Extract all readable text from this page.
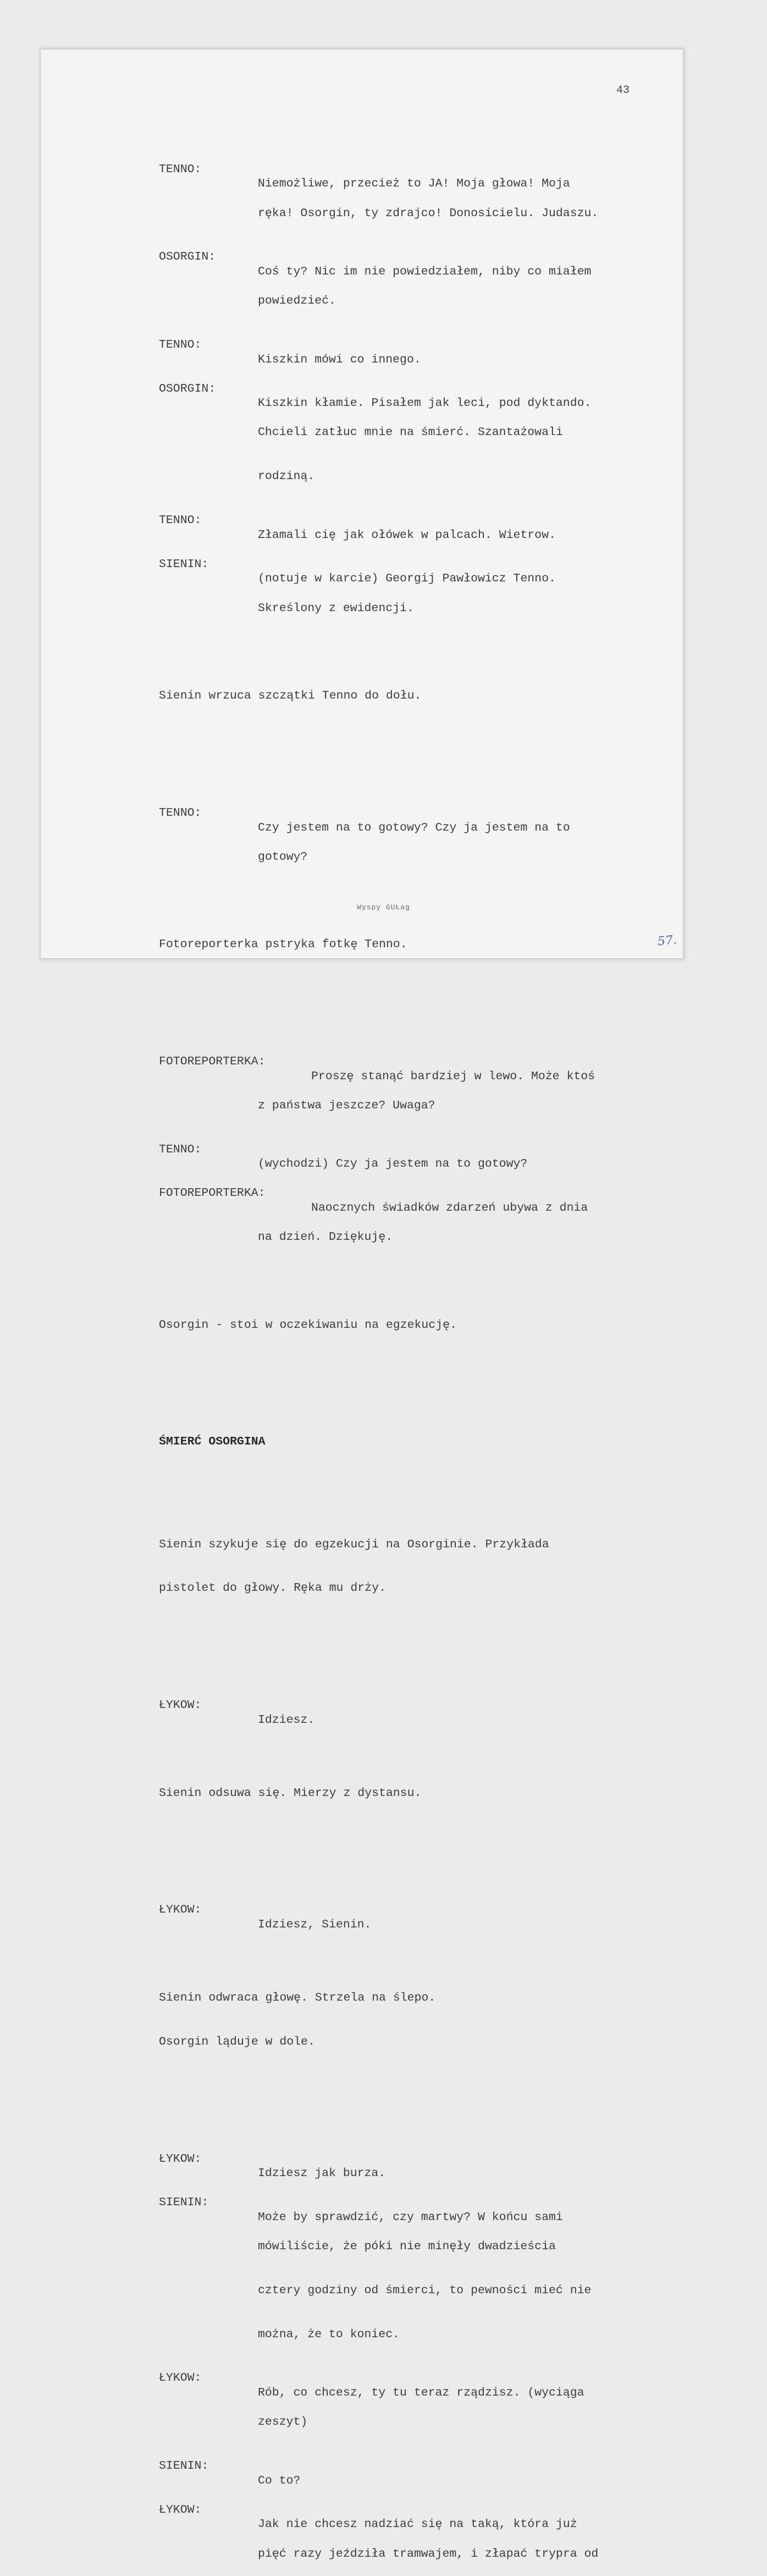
43

TENNO:

Niemożliwe, przecież to JA! Moja głowa! Moja

ręka! Osorgin, ty zdrajco! Donosicielu. Judaszu.

OSORGIN:

Coś ty? Nic im nie powiedziałem, niby co miałem

powiedzieć.

TENNO:

Kiszkin mówi co innego.

OSORGIN:

Kiszkin kłamie. Pisałem jak leci, pod dyktando.

Chcieli zatłuc mnie na śmierć. Szantażowali

rodziną.

TENNO:

Złamali cię jak ołówek w palcach. Wietrow.

SIENIN:

(notuje w karcie) Georgij Pawłowicz Tenno.

Skreślony z ewidencji.

Sienin wrzuca szczątki Tenno do dołu.

TENNO:

Czy jestem na to gotowy? Czy ja jestem na to

gotowy?

Fotoreporterka pstryka fotkę Tenno.

FOTOREPORTERKA:

Proszę stanąć bardziej w lewo. Może ktoś

z państwa jeszcze? Uwaga?

TENNO:

(wychodzi) Czy ja jestem na to gotowy?

FOTOREPORTERKA:

Naocznych świadków zdarzeń ubywa z dnia

na dzień. Dziękuję.

Osorgin - stoi w oczekiwaniu na egzekucję.

ŚMIERĆ OSORGINA

Sienin szykuje się do egzekucji na Osorginie. Przykłada

pistolet do głowy. Ręka mu drży.

ŁYKOW:

Idziesz.

Sienin odsuwa się. Mierzy z dystansu.

ŁYKOW:

Idziesz, Sienin.

Sienin odwraca głowę. Strzela na ślepo.

Osorgin ląduje w dole.

ŁYKOW:

Idziesz jak burza.

SIENIN:

Może by sprawdzić, czy martwy? W końcu sami

mówiliście, że póki nie minęły dwadzieścia

cztery godziny od śmierci, to pewności mieć nie

można, że to koniec.

ŁYKOW:

Rób, co chcesz, ty tu teraz rządzisz. (wyciąga

zeszyt)

SIENIN:

Co to?

ŁYKOW:

Jak nie chcesz nadziać się na taką, która już

pięć razy jeździła tramwajem, i złapać trypra od

Wyspy GUŁag
57.
